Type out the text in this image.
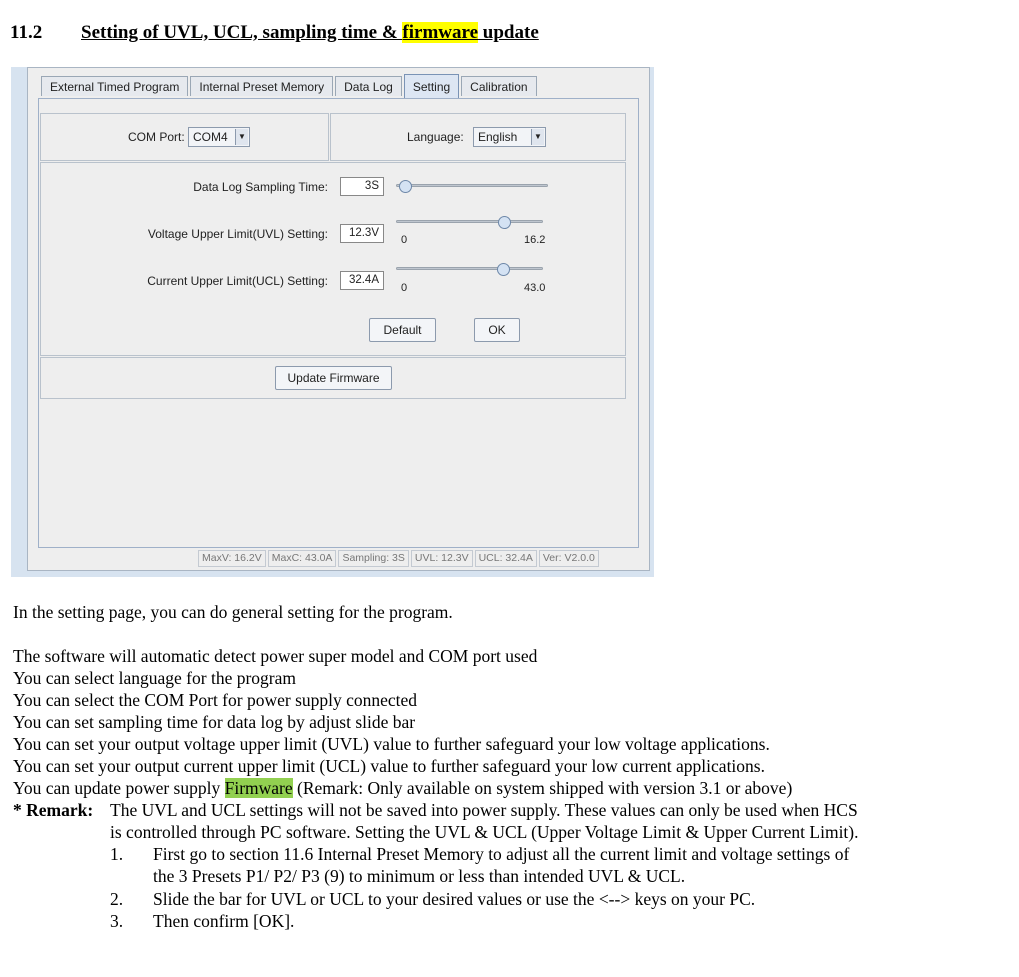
11.2 Setting of UVL, UCL, sampling time & firmware update
External Timed Program	Internal Preset Memory	Data Log	Setting	Calibration
COM Port: COM4	▼	Language:	English	▼
Data Log Sampling Time:	3S
Voltage Upper Limit(UVL) Setting:	12.3V
0	16.2
Current Upper Limit(UCL) Setting:	32.4A
0	43.0
Default	OK
Update Firmware
MaxV: 16.2V MaxC: 43.0A Sampling: 3S UVL: 12.3V UCL: 32.4A Ver: V2.0.0
In the setting page, you can do general setting for the program.
The software will automatic detect power super model and COM port used
You can select language for the program
You can select the COM Port for power supply connected
You can set sampling time for data log by adjust slide bar
You can set your output voltage upper limit (UVL) value to further safeguard your low voltage applications.
You can set your output current upper limit (UCL) value to further safeguard your low current applications.
You can update power supply Firmware (Remark: Only available on system shipped with version 3.1 or above)
* Remark: The UVL and UCL settings will not be saved into power supply. These values can only be used when HCS
is controlled through PC software. Setting the UVL & UCL (Upper Voltage Limit & Upper Current Limit).
1. First go to section 11.6 Internal Preset Memory to adjust all the current limit and voltage settings of
the 3 Presets P1/ P2/ P3 (9) to minimum or less than intended UVL & UCL.
2. Slide the bar for UVL or UCL to your desired values or use the <--> keys on your PC.
3. Then confirm [OK].
